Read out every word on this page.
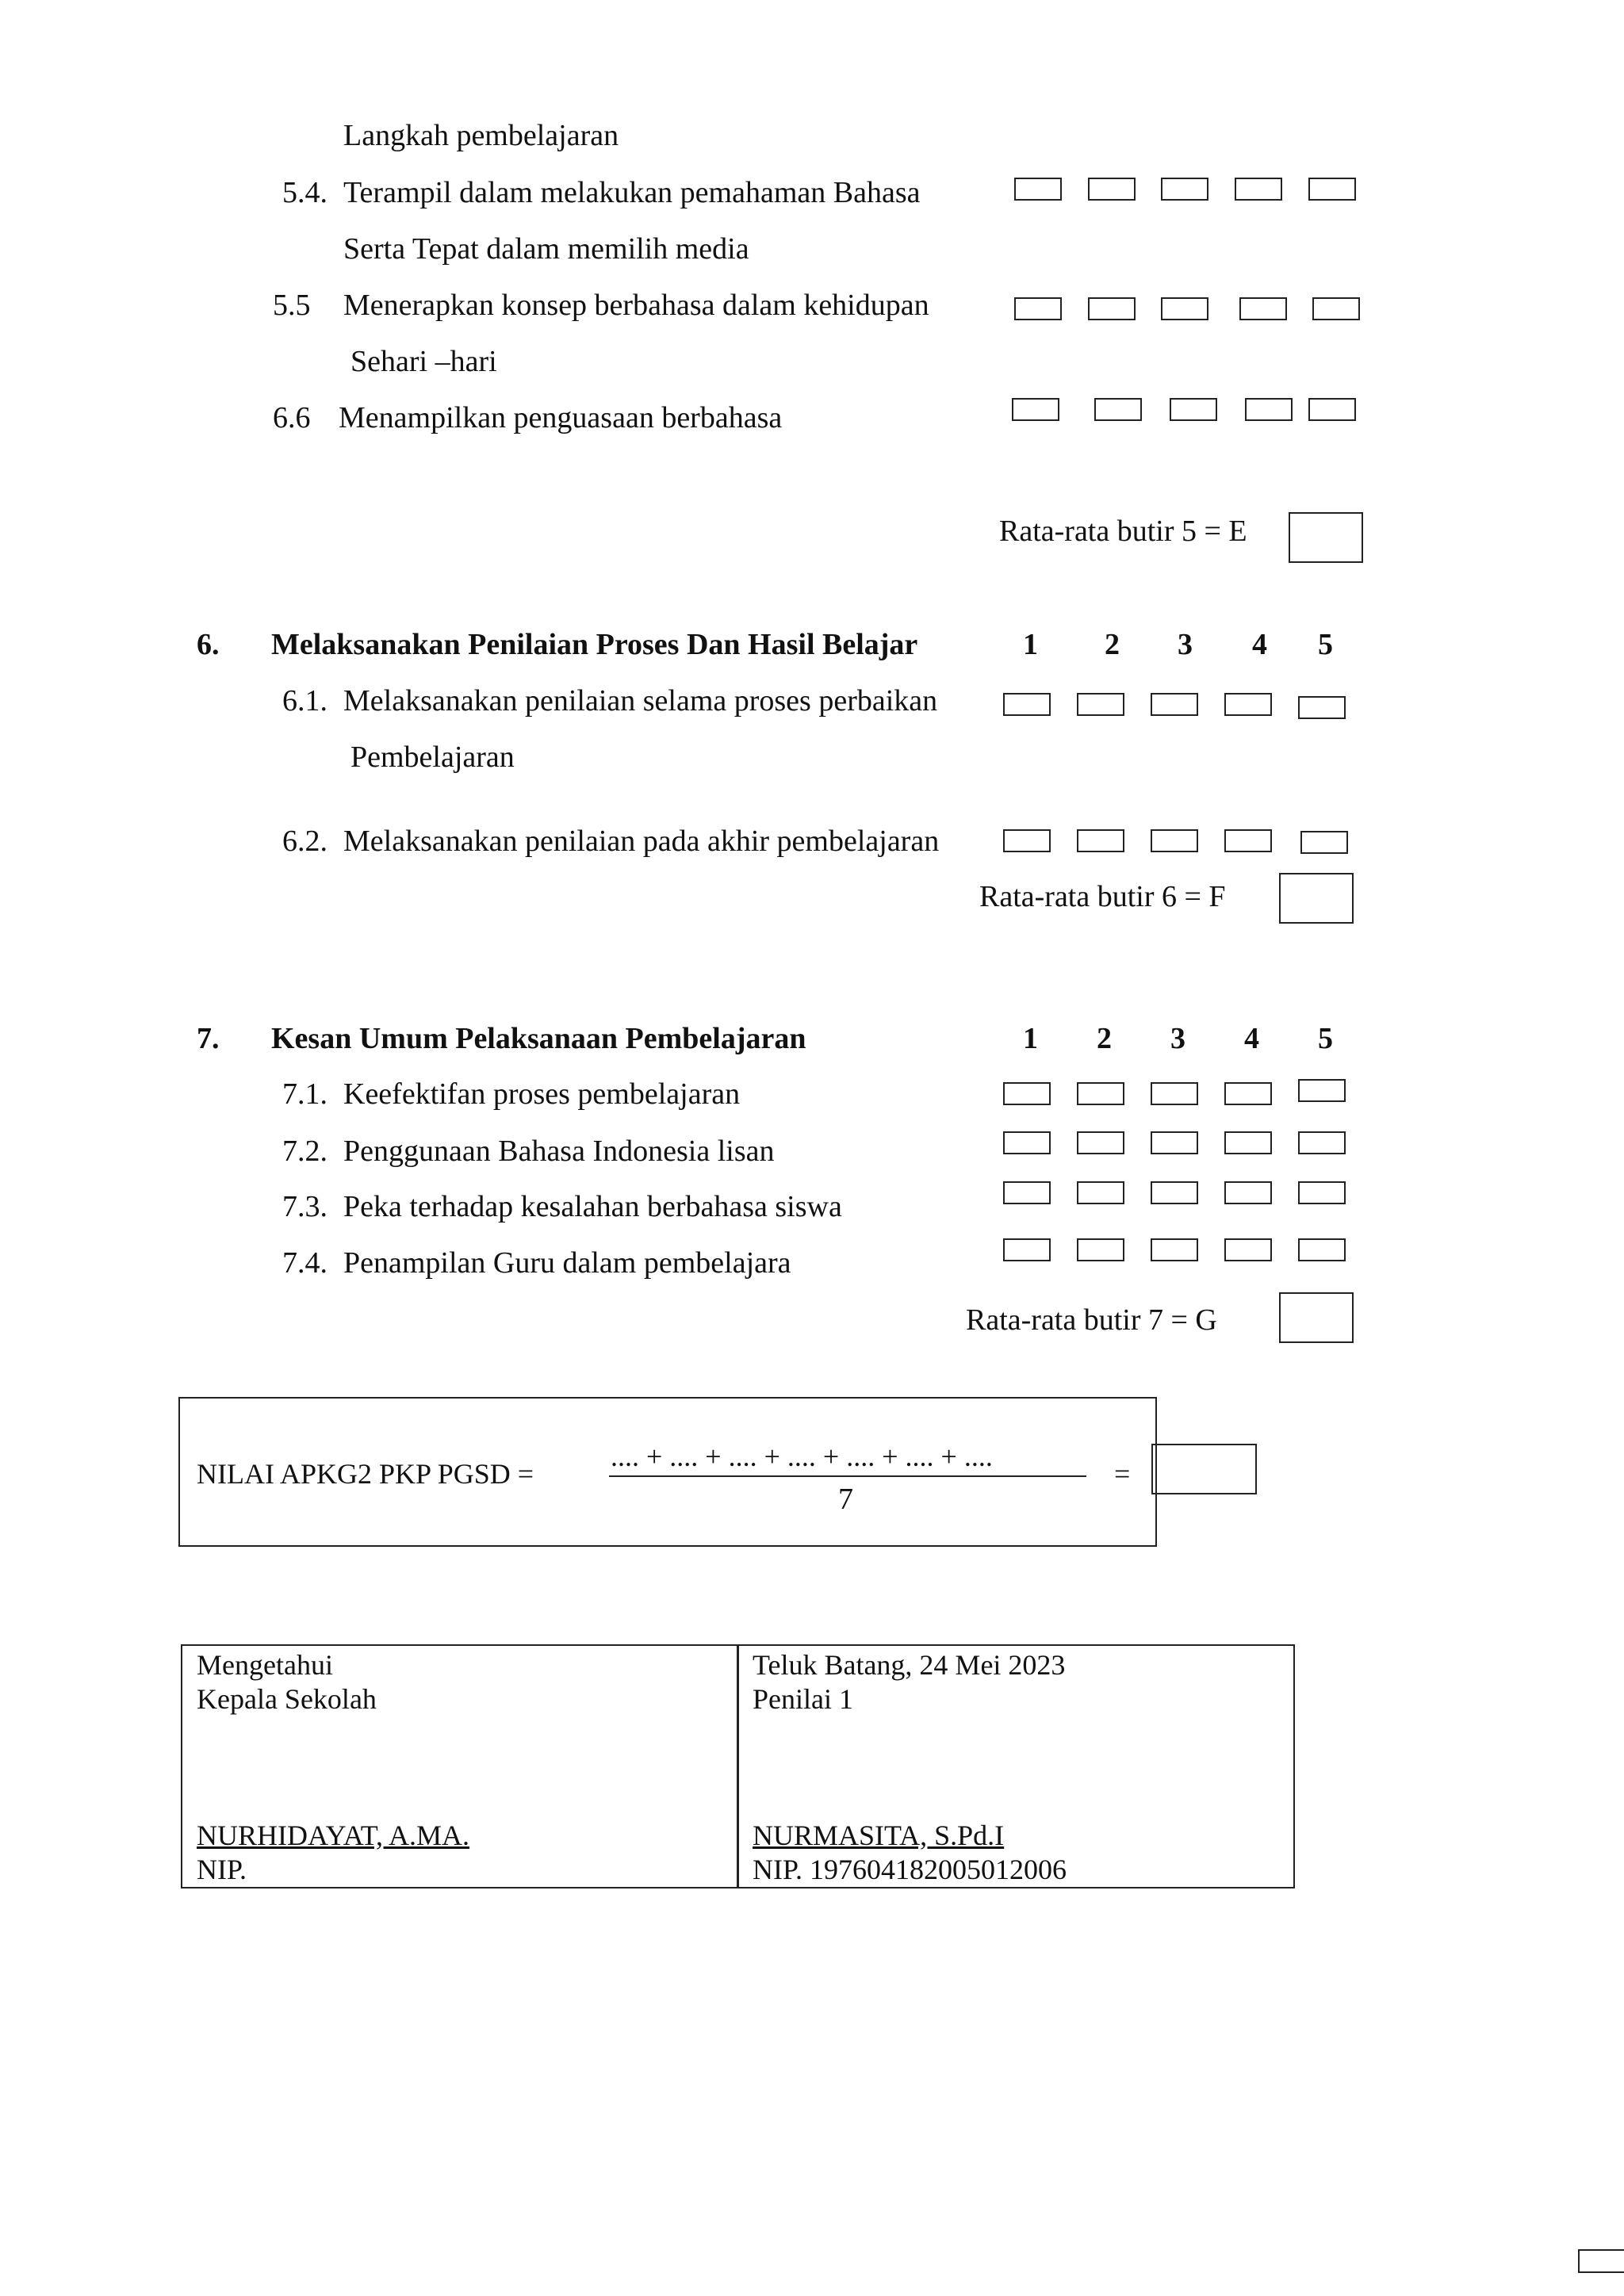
Langkah pembelajaran
5.4. Terampil dalam melakukan pemahaman Bahasa
Serta Tepat dalam memilih media
5.5 Menerapkan konsep berbahasa dalam kehidupan
Sehari –hari
6.6 Menampilkan penguasaan berbahasa
Rata-rata butir 5 = E
6. Melaksanakan Penilaian Proses Dan Hasil Belajar	1 2 3 4 5
6.1. Melaksanakan penilaian selama proses perbaikan
Pembelajaran
6.2. Melaksanakan penilaian pada akhir pembelajaran
Rata-rata butir 6 = F
7. Kesan Umum Pelaksanaan Pembelajaran	1 2 3 4 5
7.1. Keefektifan proses pembelajaran
7.2. Penggunaan Bahasa Indonesia lisan
7.3. Peka terhadap kesalahan berbahasa siswa
7.4. Penampilan Guru dalam pembelajara
Rata-rata butir 7 = G
NILAI APKG2 PKP PGSD =
.... + .... + .... + .... + .... + .... + ....
7
=
Mengetahui
Kepala Sekolah
NURHIDAYAT, A.MA.
NIP.
Teluk Batang, 24 Mei 2023
Penilai 1
NURMASITA, S.Pd.I
NIP. 197604182005012006
